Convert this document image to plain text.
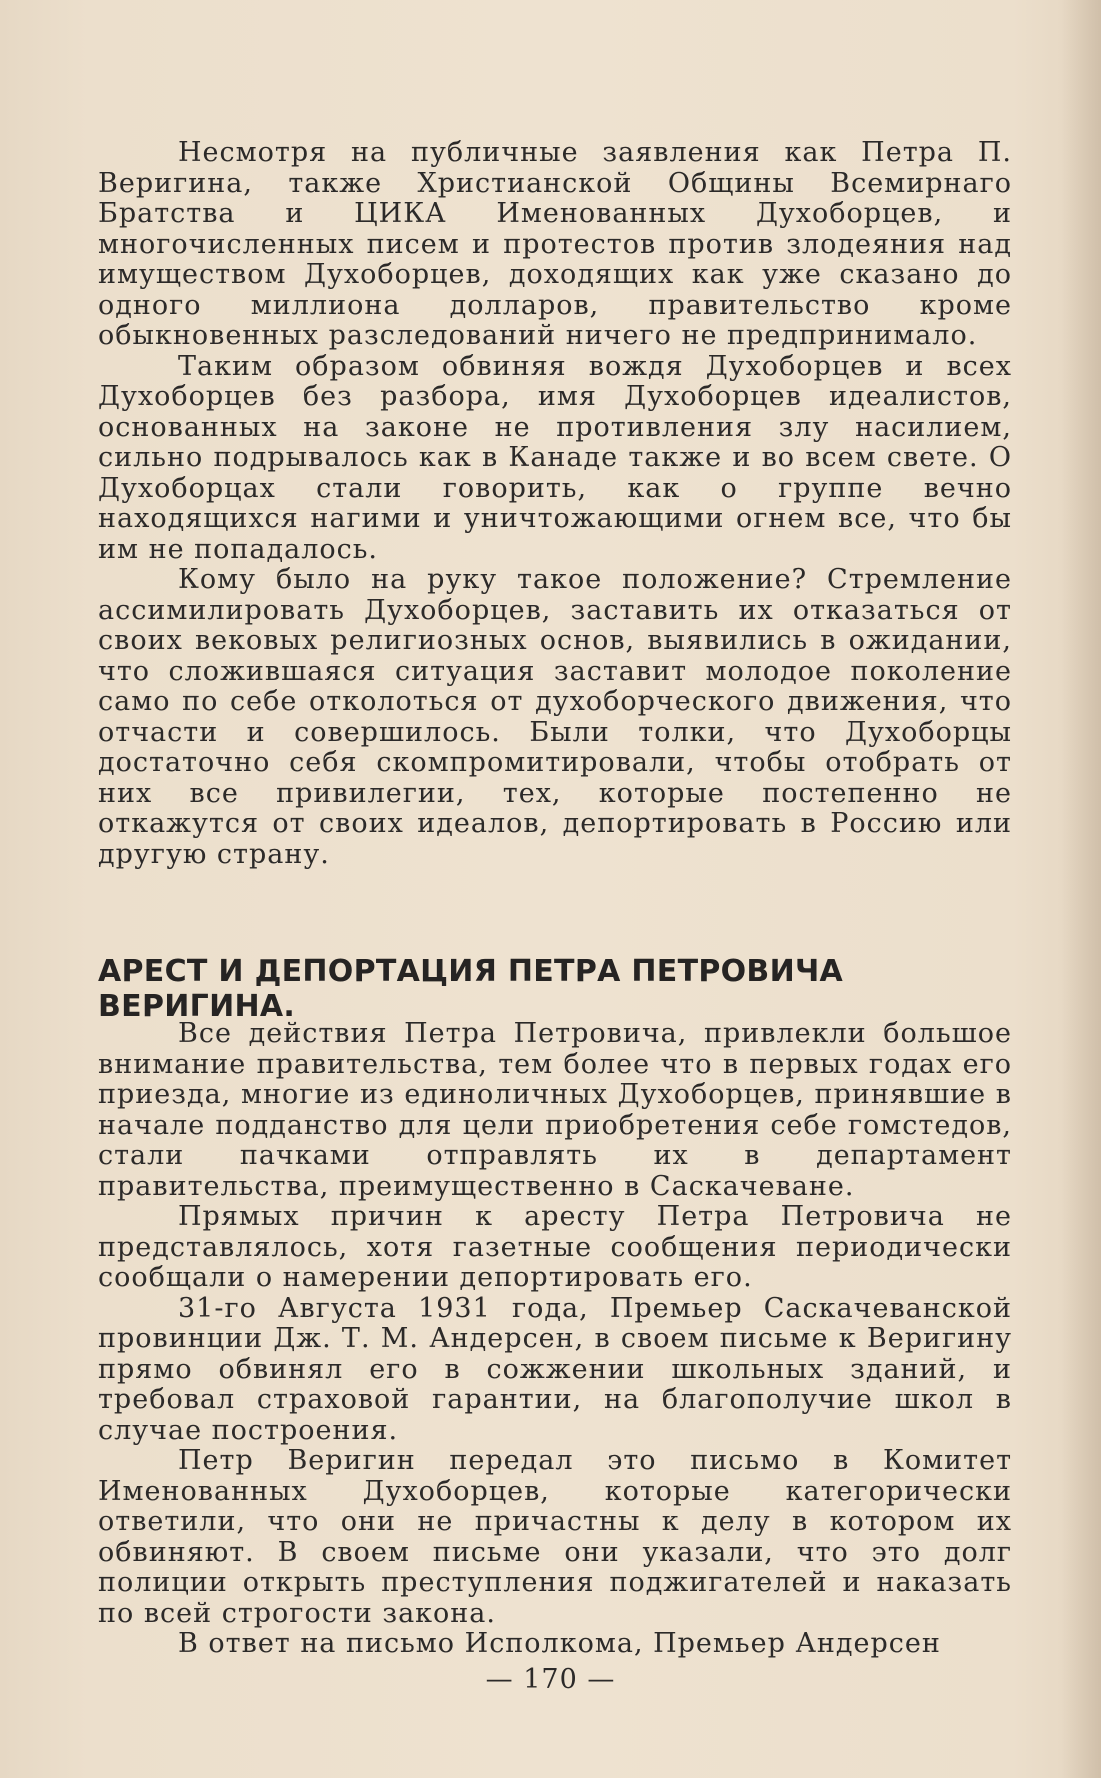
Несмотря на публичные заявления как Петра П. Веригина, также Христианской Общины Всемирнаго Братства и ЦИКА Именованных Духоборцев, и многочисленных писем и протестов против злодеяния над имуществом Духоборцев, доходящих как уже сказано до одного миллиона долларов, правительство кроме обыкновенных разследований ничего не предпринимало.

Таким образом обвиняя вождя Духоборцев и всех Духоборцев без разбора, имя Духоборцев идеалистов, основанных на законе не противления злу насилием, сильно подрывалось как в Канаде также и во всем свете. О Духоборцах стали говорить, как о группе вечно находящихся нагими и уничтожающими огнем все, что бы им не попадалось.

Кому было на руку такое положение? Стремление ассимилировать Духоборцев, заставить их отказаться от своих вековых религиозных основ, выявились в ожидании, что сложившаяся ситуация заставит молодое поколение само по себе отколоться от духоборческого движения, что отчасти и совершилось. Были толки, что Духоборцы достаточно себя скомпромитировали, чтобы отобрать от них все привилегии, тех, которые постепенно не откажутся от своих идеалов, депортировать в Россию или другую страну.

АРЕСТ И ДЕПОРТАЦИЯ ПЕТРА ПЕТРОВИЧА ВЕРИГИНА.

Все действия Петра Петровича, привлекли большое внимание правительства, тем более что в первых годах его приезда, многие из единоличных Духоборцев, принявшие в начале подданство для цели приобретения себе гомстедов, стали пачками отправлять их в департамент правительства, преимущественно в Саскачеване.

Прямых причин к аресту Петра Петровича не представлялось, хотя газетные сообщения периодически сообщали о намерении депортировать его.

31-го Августа 1931 года, Премьер Саскачеванской провинции Дж. Т. М. Андерсен, в своем письме к Веригину прямо обвинял его в сожжении школьных зданий, и требовал страховой гарантии, на благополучие школ в случае построения.

Петр Веригин передал это письмо в Комитет Именованных Духоборцев, которые категорически ответили, что они не причастны к делу в котором их обвиняют. В своем письме они указали, что это долг полиции открыть преступления поджигателей и наказать по всей строгости закона.

В ответ на письмо Исполкома, Премьер Андерсен

— 170 —
